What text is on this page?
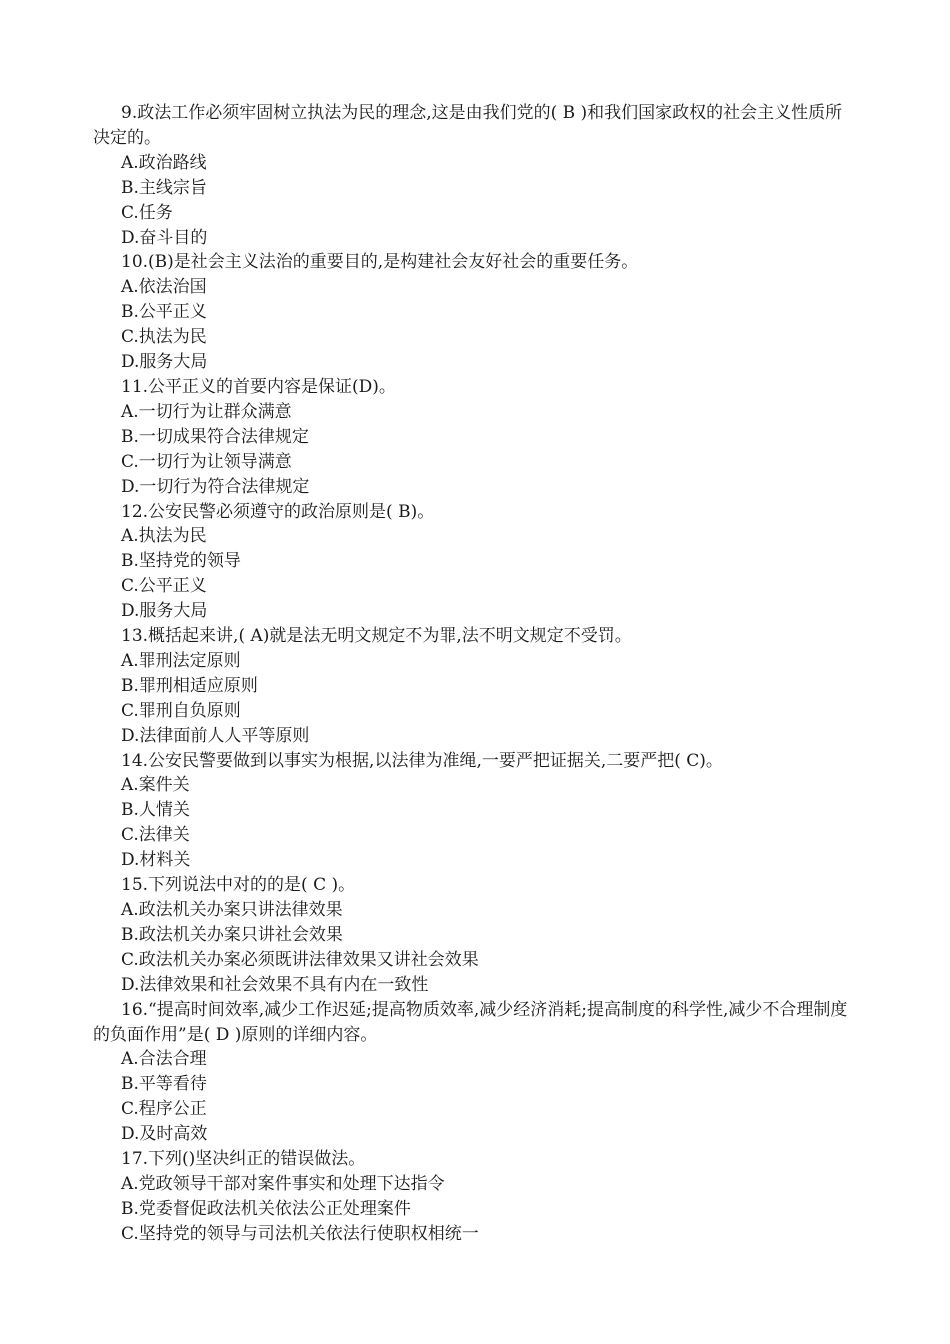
9.政法工作必须牢固树立执法为民的理念,这是由我们党的( B )和我们国家政权的社会主义性质所决定的。

A.政治路线

B.主线宗旨

C.任务

D.奋斗目的

10.(B)是社会主义法治的重要目的,是构建社会友好社会的重要任务。

A.依法治国

B.公平正义

C.执法为民

D.服务大局

11.公平正义的首要内容是保证(D)。

A.一切行为让群众满意

B.一切成果符合法律规定

C.一切行为让领导满意

D.一切行为符合法律规定

12.公安民警必须遵守的政治原则是( B)。

A.执法为民

B.坚持党的领导

C.公平正义

D.服务大局

13.概括起来讲,( A)就是法无明文规定不为罪,法不明文规定不受罚。

A.罪刑法定原则

B.罪刑相适应原则

C.罪刑自负原则

D.法律面前人人平等原则

14.公安民警要做到以事实为根据,以法律为准绳,一要严把证据关,二要严把( C)。

A.案件关

B.人情关

C.法律关

D.材料关

15.下列说法中对的的是( C )。

A.政法机关办案只讲法律效果

B.政法机关办案只讲社会效果

C.政法机关办案必须既讲法律效果又讲社会效果

D.法律效果和社会效果不具有内在一致性

16.“提高时间效率,减少工作迟延;提高物质效率,减少经济消耗;提高制度的科学性,减少不合理制度的负面作用”是( D )原则的详细内容。

A.合法合理

B.平等看待

C.程序公正

D.及时高效

17.下列()坚决纠正的错误做法。

A.党政领导干部对案件事实和处理下达指令

B.党委督促政法机关依法公正处理案件

C.坚持党的领导与司法机关依法行使职权相统一
